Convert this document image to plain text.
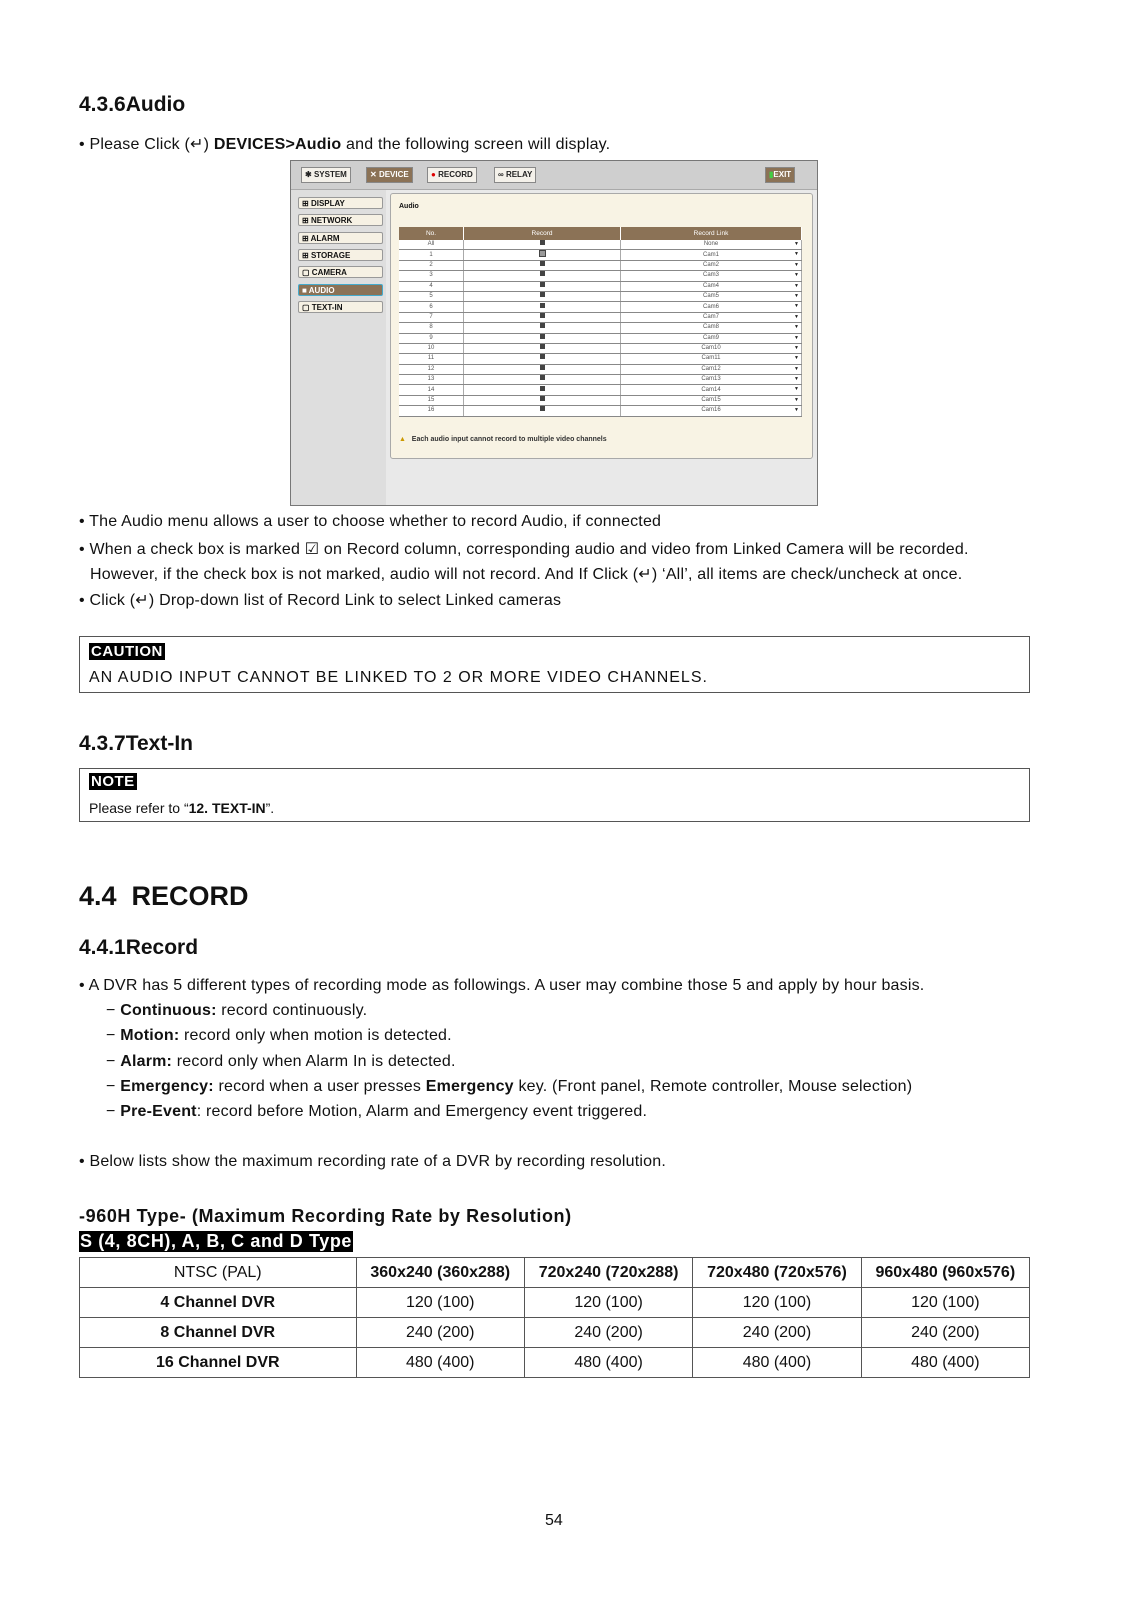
4.3.6Audio
• Please Click (↵) DEVICES>Audio and the following screen will display.
✱ SYSTEM	✕ DEVICE	● RECORD	∞ RELAY	▮EXIT
⊞ DISPLAY
⊞ NETWORK
⊞ ALARM
⊞ STORAGE
▢ CAMERA
■ AUDIO
▢ TEXT-IN
Audio
No.	Record	Record Link
All		None ▼

1		Cam1 ▼

2		Cam2 ▼

3		Cam3 ▼

4		Cam4 ▼

5		Cam5 ▼

6		Cam6 ▼

7		Cam7 ▼

8		Cam8 ▼

9		Cam9 ▼

10		Cam10 ▼

11		Cam11 ▼

12		Cam12 ▼

13		Cam13 ▼

14		Cam14 ▼

15		Cam15 ▼

16		Cam16 ▼
▲ Each audio input cannot record to multiple video channels
• The Audio menu allows a user to choose whether to record Audio, if connected
• When a check box is marked ☑ on Record column, corresponding audio and video from Linked Camera will be recorded.
However, if the check box is not marked, audio will not record. And If Click (↵) ‘All’, all items are check/uncheck at once.
• Click (↵) Drop-down list of Record Link to select Linked cameras
CAUTION
AN AUDIO INPUT CANNOT BE LINKED TO 2 OR MORE VIDEO CHANNELS.
4.3.7Text-In
NOTE
Please refer to “12. TEXT-IN”.
4.4  RECORD
4.4.1Record
• A DVR has 5 different types of recording mode as followings. A user may combine those 5 and apply by hour basis.
− Continuous: record continuously.
− Motion: record only when motion is detected.
− Alarm: record only when Alarm In is detected.
− Emergency: record when a user presses Emergency key. (Front panel, Remote controller, Mouse selection)
− Pre-Event: record before Motion, Alarm and Emergency event triggered.
• Below lists show the maximum recording rate of a DVR by recording resolution.
-960H Type- (Maximum Recording Rate by Resolution)
S (4, 8CH), A, B, C and D Type
NTSC (PAL)	360x240 (360x288)	720x240 (720x288)	720x480 (720x576)	960x480 (960x576)
4 Channel DVR	120 (100)	120 (100)	120 (100)	120 (100)
8 Channel DVR	240 (200)	240 (200)	240 (200)	240 (200)
16 Channel DVR	480 (400)	480 (400)	480 (400)	480 (400)
54
